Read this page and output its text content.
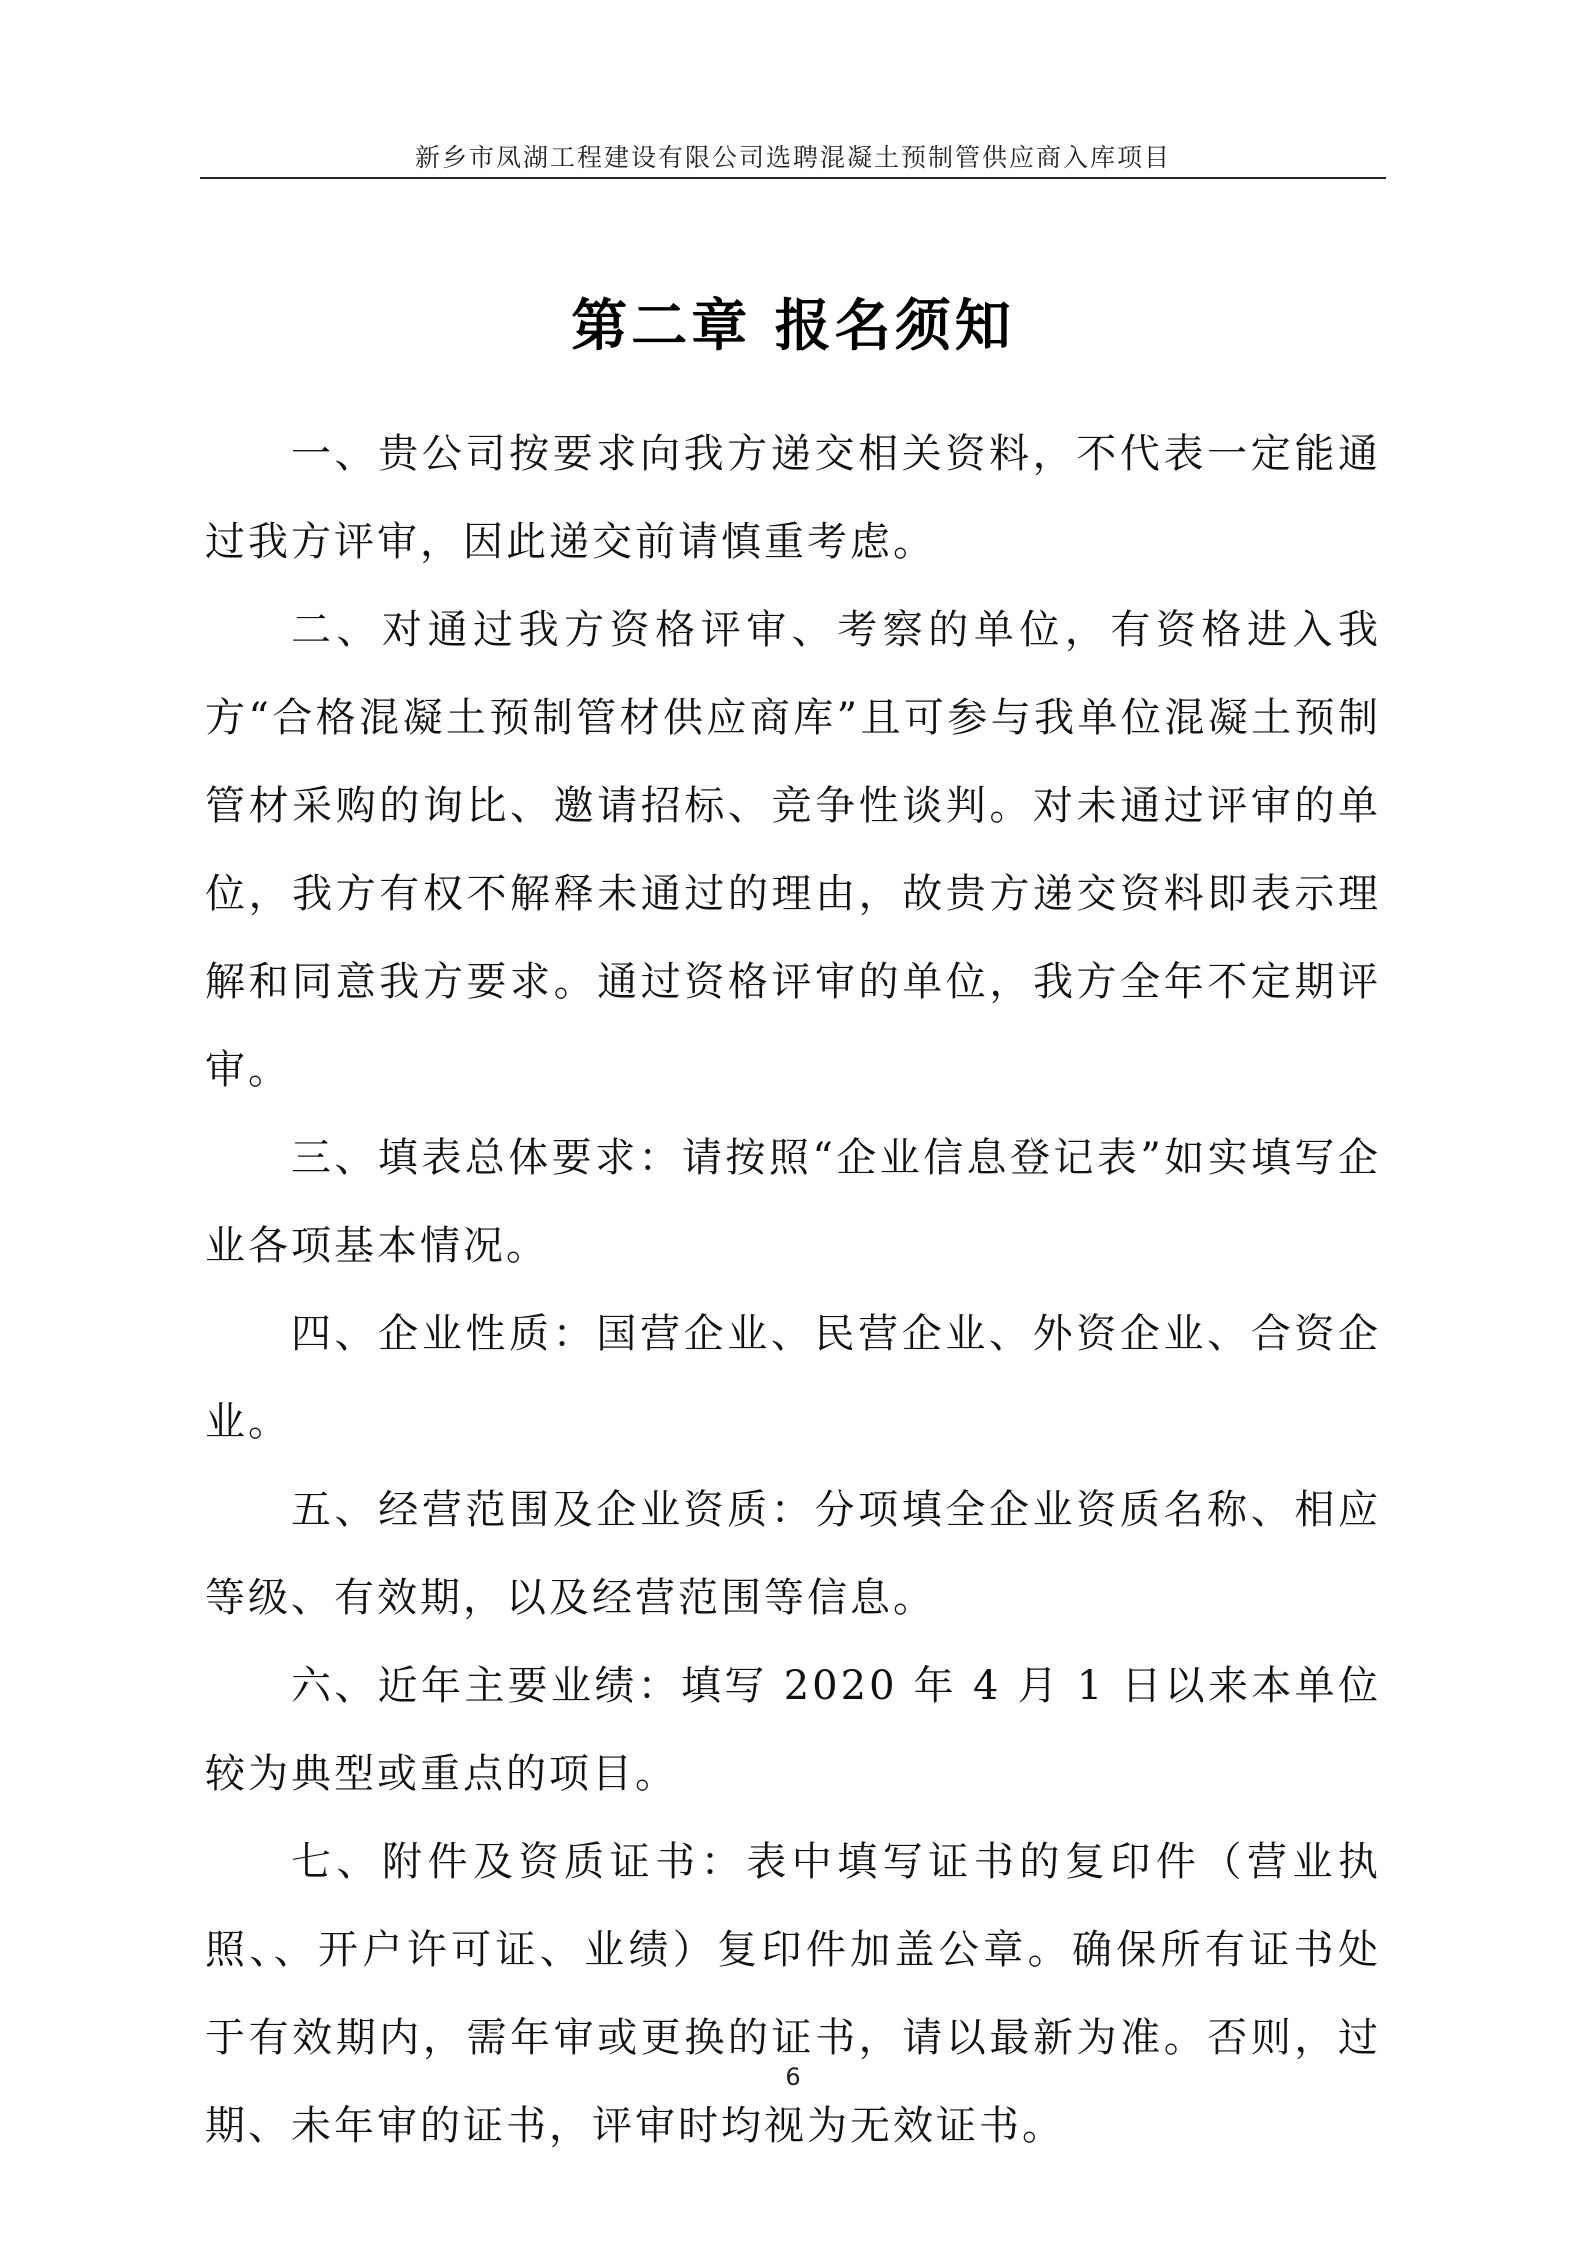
新乡市凤湖工程建设有限公司选聘混凝土预制管供应商入库项目
第二章 报名须知

一、贵公司按要求向我方递交相关资料，不代表一定能通过我方评审，因此递交前请慎重考虑。

二、对通过我方资格评审、考察的单位，有资格进入我方“合格混凝土预制管材供应商库”且可参与我单位混凝土预制管材采购的询比、邀请招标、竞争性谈判。对未通过评审的单位，我方有权不解释未通过的理由，故贵方递交资料即表示理解和同意我方要求。通过资格评审的单位，我方全年不定期评审。

三、填表总体要求：请按照“企业信息登记表”如实填写企业各项基本情况。

四、企业性质：国营企业、民营企业、外资企业、合资企业。

五、经营范围及企业资质：分项填全企业资质名称、相应等级、有效期，以及经营范围等信息。

六、近年主要业绩：填写 2020 年 4 月 1 日以来本单位较为典型或重点的项目。

七、附件及资质证书：表中填写证书的复印件（营业执照、、开户许可证、业绩）复印件加盖公章。确保所有证书处于有效期内，需年审或更换的证书，请以最新为准。否则，过期、未年审的证书，评审时均视为无效证书。

6
